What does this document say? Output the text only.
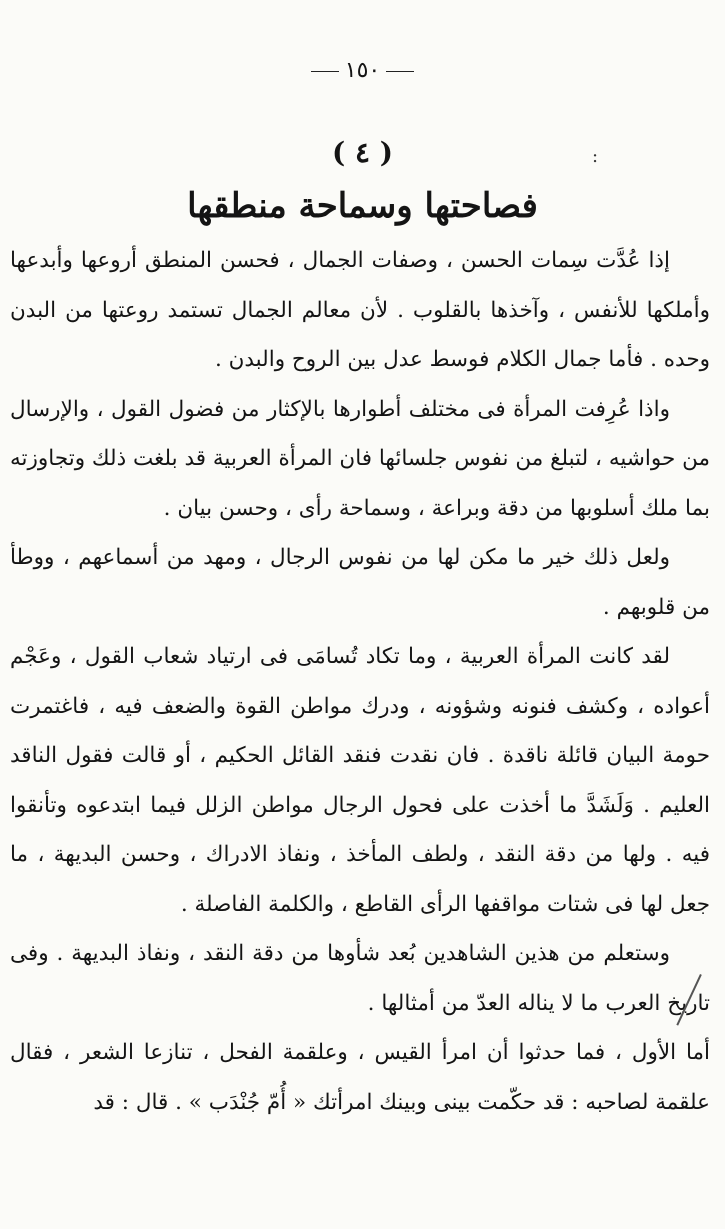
١٥٠
:
( ٤ )
فصاحتها وسماحة منطقها

إذا عُدَّت سِمات الحسن ، وصفات الجمال ، فحسن المنطق أروعها وأبدعها وأملكها للأنفس ، وآخذها بالقلوب . لأن معالم الجمال تستمد روعتها من البدن وحده . فأما جمال الكلام فوسط عدل بين الروح والبدن .

واذا عُرِفت المرأة فى مختلف أطوارها بالإكثار من فضول القول ، والإرسال من حواشيه ، لتبلغ من نفوس جلسائها فان المرأة العربية قد بلغت ذلك وتجاوزته بما ملك أسلوبها من دقة وبراعة ، وسماحة رأى ، وحسن بيان .

ولعل ذلك خير ما مكن لها من نفوس الرجال ، ومهد من أسماعهم ، ووطأ من قلوبهم .

لقد كانت المرأة العربية ، وما تكاد تُسامَى فى ارتياد شعاب القول ، وعَجْم أعواده ، وكشف فنونه وشؤونه ، ودرك مواطن القوة والضعف فيه ، فاغتمرت حومة البيان قائلة ناقدة . فان نقدت فنقد القائل الحكيم ، أو قالت فقول الناقد العليم . وَلَشَدَّ ما أخذت على فحول الرجال مواطن الزلل فيما ابتدعوه وتأنقوا فيه . ولها من دقة النقد ، ولطف المأخذ ، ونفاذ الادراك ، وحسن البديهة ، ما جعل لها فى شتات مواقفها الرأى القاطع ، والكلمة الفاصلة .

وستعلم من هذين الشاهدين بُعد شأوها من دقة النقد ، ونفاذ البديهة . وفى تاريخ العرب ما لا يناله العدّ من أمثالها .

أما الأول ، فما حدثوا أن امرأ القيس ، وعلقمة الفحل ، تنازعا الشعر ، فقال علقمة لصاحبه : قد حكّمت بينى وبينك امرأتك « أُمّ جُنْدَب » . قال : قد
